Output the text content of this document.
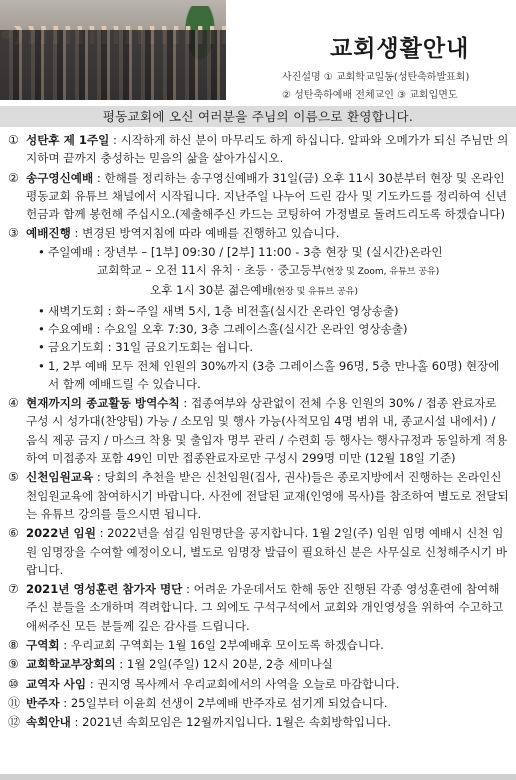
교회생활안내
사진설명 ① 교회학교일동(성탄축하발표회)
② 성탄축하예배 전체교인 ③ 교회입면도
평동교회에 오신 여러분을 주님의 이름으로 환영합니다.
① 성탄후 제 1주일 : 시작하게 하신 분이 마무리도 하게 하십니다. 알파와 오메가가 되신 주님만 의지하며 끝까지 충성하는 믿음의 삶을 살아가십시오.
② 송구영신예배 : 한해를 정리하는 송구영신예배가 31일(금) 오후 11시 30분부터 현장 및 온라인평동교회 유튜브 채널에서 시작됩니다. 지난주일 나누어 드린 감사 및 기도카드를 정리하여 신년헌금과 함께 봉헌해 주십시오.(제출해주신 카드는 코팅하여 가정별로 돌려드리도록 하겠습니다)
③ 예배진행 : 변경된 방역지침에 따라 예배를 진행하고 있습니다.
• 주일예배 : 장년부 – [1부] 09:30 / [2부] 11:00 - 3층 현장 및 (실시간)온라인
교회학교 – 오전 11시 유치 · 초등 · 중고등부(현장 및 Zoom, 유튜브 공유)
오후 1시 30분 젊은예배(현장 및 유튜브 공유)
• 새벽기도회 : 화~주일 새벽 5시, 1층 비전홀(실시간 온라인 영상송출)
• 수요예배 : 수요일 오후 7:30, 3층 그레이스홀(실시간 온라인 영상송출)
• 금요기도회 : 31일 금요기도회는 쉽니다.
• 1, 2부 예배 모두 전체 인원의 30%까지 (3층 그레이스홀 96명, 5층 만나홀 60명) 현장에서 함께 예배드릴 수 있습니다.
④ 현재까지의 종교활동 방역수칙 : 접종여부와 상관없이 전체 수용 인원의 30% / 접종 완료자로 구성 시 성가대(찬양팀) 가능 / 소모임 및 행사 가능(사적모임 4명 범위 내, 종교시설 내에서) / 음식 제공 금지 / 마스크 착용 및 출입자 명부 관리 / 수련회 등 행사는 행사규정과 동일하게 적용하여 미접종자 포함 49인 미만 접종완료자로만 구성시 299명 미만 (12월 18일 기준)
⑤ 신천임원교육 : 당회의 추천을 받은 신천임원(집사, 권사)들은 종로지방에서 진행하는 온라인신천임원교육에 참여하시기 바랍니다. 사전에 전달된 교재(인영애 목사)를 참조하여 별도로 전달되는 유튜브 강의를 들으시면 됩니다.
⑥ 2022년 임원 : 2022년을 섬길 임원명단을 공지합니다. 1월 2일(주) 임원 임명 예배시 신천 임원 임명장을 수여할 예정이오니, 별도로 임명장 발급이 필요하신 분은 사무실로 신청해주시기 바랍니다.
⑦ 2021년 영성훈련 참가자 명단 : 어려운 가운데서도 한해 동안 진행된 각종 영성훈련에 참여해 주신 분들을 소개하며 격려합니다. 그 외에도 구석구석에서 교회와 개인영성을 위하여 수고하고 애써주신 모든 분들께 깊은 감사를 드립니다.
⑧ 구역회 : 우리교회 구역회는 1월 16일 2부예배후 모이도록 하겠습니다.
⑨ 교회학교부장회의 : 1월 2일(주일) 12시 20분, 2층 세미나실
⑩ 교역자 사임 : 권지영 목사께서 우리교회에서의 사역을 오늘로 마감합니다.
⑪ 반주자 : 25일부터 이윤희 선생이 2부예배 반주자로 섬기게 되었습니다.
⑫ 속회안내 : 2021년 속회모임은 12월까지입니다. 1월은 속회방학입니다.
